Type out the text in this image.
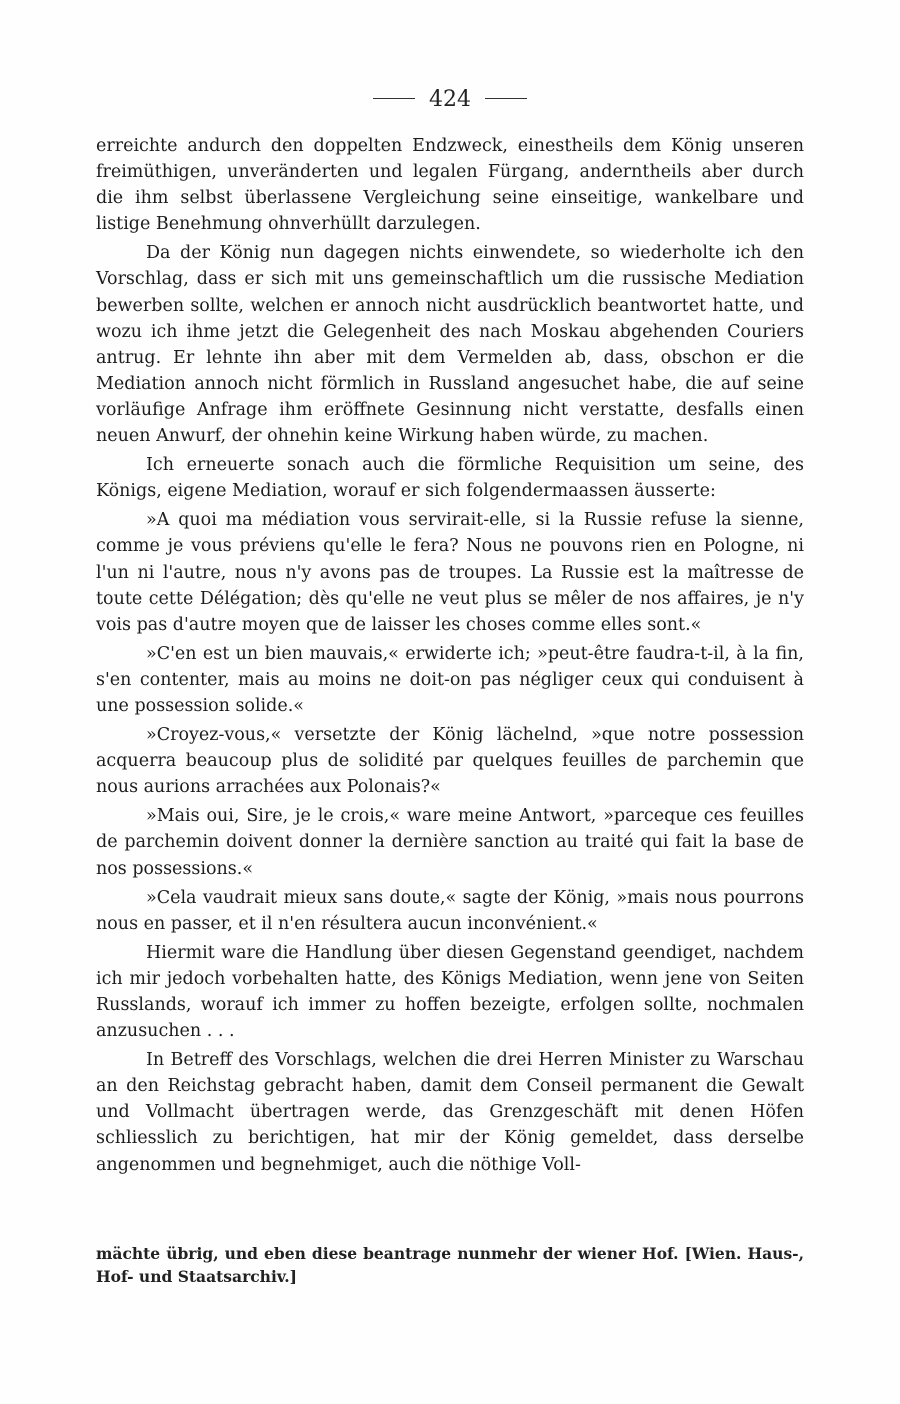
424

erreichte andurch den doppelten Endzweck, einestheils dem König unseren freimüthigen, unveränderten und legalen Fürgang, anderntheils aber durch die ihm selbst überlassene Vergleichung seine einseitige, wankelbare und listige Benehmung ohnverhüllt darzulegen.

Da der König nun dagegen nichts einwendete, so wiederholte ich den Vorschlag, dass er sich mit uns gemeinschaftlich um die russische Mediation bewerben sollte, welchen er annoch nicht ausdrücklich beantwortet hatte, und wozu ich ihme jetzt die Gelegenheit des nach Moskau abgehenden Couriers antrug. Er lehnte ihn aber mit dem Vermelden ab, dass, obschon er die Mediation annoch nicht förmlich in Russland angesuchet habe, die auf seine vorläufige Anfrage ihm eröffnete Gesinnung nicht verstatte, desfalls einen neuen Anwurf, der ohnehin keine Wirkung haben würde, zu machen.

Ich erneuerte sonach auch die förmliche Requisition um seine, des Königs, eigene Mediation, worauf er sich folgendermaassen äusserte:

»A quoi ma médiation vous servirait-elle, si la Russie refuse la sienne, comme je vous préviens qu'elle le fera? Nous ne pouvons rien en Pologne, ni l'un ni l'autre, nous n'y avons pas de troupes. La Russie est la maîtresse de toute cette Délégation; dès qu'elle ne veut plus se mêler de nos affaires, je n'y vois pas d'autre moyen que de laisser les choses comme elles sont.«

»C'en est un bien mauvais,« erwiderte ich; »peut-être faudra-t-il, à la fin, s'en contenter, mais au moins ne doit-on pas négliger ceux qui conduisent à une possession solide.«

»Croyez-vous,« versetzte der König lächelnd, »que notre possession acquerra beaucoup plus de solidité par quelques feuilles de parchemin que nous aurions arrachées aux Polonais?«

»Mais oui, Sire, je le crois,« ware meine Antwort, »parceque ces feuilles de parchemin doivent donner la dernière sanction au traité qui fait la base de nos possessions.«

»Cela vaudrait mieux sans doute,« sagte der König, »mais nous pourrons nous en passer, et il n'en résultera aucun inconvénient.«

Hiermit ware die Handlung über diesen Gegenstand geendiget, nachdem ich mir jedoch vorbehalten hatte, des Königs Mediation, wenn jene von Seiten Russlands, worauf ich immer zu hoffen bezeigte, erfolgen sollte, nochmalen anzusuchen . . .

In Betreff des Vorschlags, welchen die drei Herren Minister zu Warschau an den Reichstag gebracht haben, damit dem Conseil permanent die Gewalt und Vollmacht übertragen werde, das Grenzgeschäft mit denen Höfen schliesslich zu berichtigen, hat mir der König gemeldet, dass derselbe angenommen und begnehmiget, auch die nöthige Voll-

mächte übrig, und eben diese beantrage nunmehr der wiener Hof. [Wien. Haus-, Hof- und Staatsarchiv.]
